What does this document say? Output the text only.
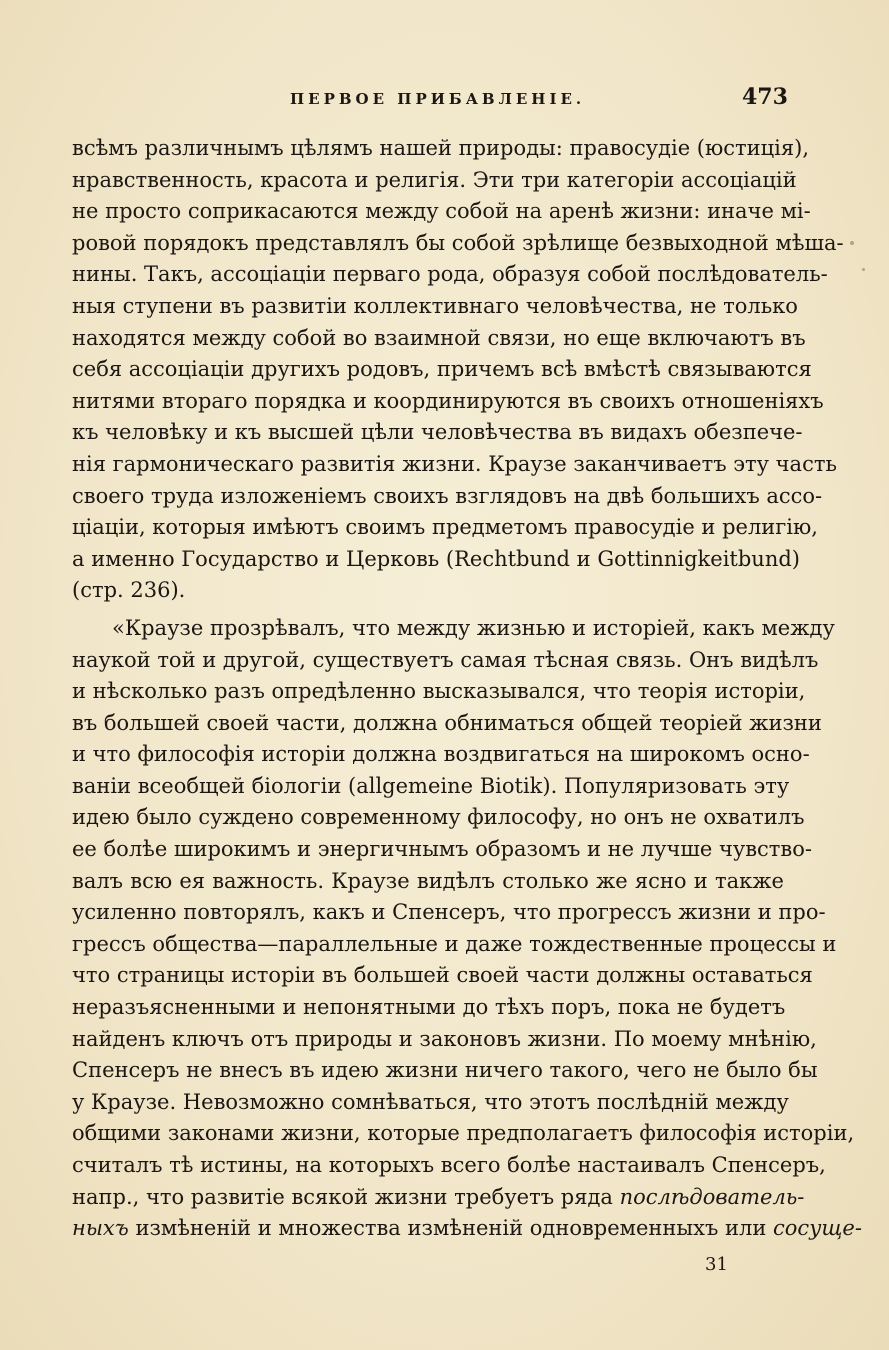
ПЕРВОЕ ПРИБАВЛЕНІЕ.	473
всѣмъ различнымъ цѣлямъ нашей природы: правосудіе (юстиція),
нравственность, красота и религія. Эти три категоріи ассоціацій
не просто соприкасаются между собой на аренѣ жизни: иначе мі-
ровой порядокъ представлялъ бы собой зрѣлище безвыходной мѣша-
нины. Такъ, ассоціаціи перваго рода, образуя собой послѣдователь-
ныя ступени въ развитіи коллективнаго человѣчества, не только
находятся между собой во взаимной связи, но еще включаютъ въ
себя ассоціаціи другихъ родовъ, причемъ всѣ вмѣстѣ связываются
нитями втораго порядка и координируются въ своихъ отношеніяхъ
къ человѣку и къ высшей цѣли человѣчества въ видахъ обезпече-
нія гармоническаго развитія жизни. Краузе заканчиваетъ эту часть
своего труда изложеніемъ своихъ взглядовъ на двѣ большихъ ассо-
ціаціи, которыя имѣютъ своимъ предметомъ правосудіе и религію,
а именно Государство и Церковь (Rechtbund и Gottinnigkeitbund)
(стр. 236).
«Краузе прозрѣвалъ, что между жизнью и исторіей, какъ между
наукой той и другой, существуетъ самая тѣсная связь. Онъ видѣлъ
и нѣсколько разъ опредѣленно высказывался, что теорія исторіи,
въ большей своей части, должна обниматься общей теоріей жизни
и что философія исторіи должна воздвигаться на широкомъ осно-
ваніи всеобщей біологіи (allgemeine Biotik). Популяризовать эту
идею было суждено современному философу, но онъ не охватилъ
ее болѣе широкимъ и энергичнымъ образомъ и не лучше чувство-
валъ всю ея важность. Краузе видѣлъ столько же ясно и также
усиленно повторялъ, какъ и Спенсеръ, что прогрессъ жизни и про-
грессъ общества—параллельные и даже тождественные процессы и
что страницы исторіи въ большей своей части должны оставаться
неразъясненными и непонятными до тѣхъ поръ, пока не будетъ
найденъ ключъ отъ природы и законовъ жизни. По моему мнѣнію,
Спенсеръ не внесъ въ идею жизни ничего такого, чего не было бы
у Краузе. Невозможно сомнѣваться, что этотъ послѣдній между
общими законами жизни, которые предполагаетъ философія исторіи,
считалъ тѣ истины, на которыхъ всего болѣе настаивалъ Спенсеръ,
напр., что развитіе всякой жизни требуетъ ряда послѣдователь-
ныхъ измѣненій и множества измѣненій одновременныхъ или сосуще-
31
